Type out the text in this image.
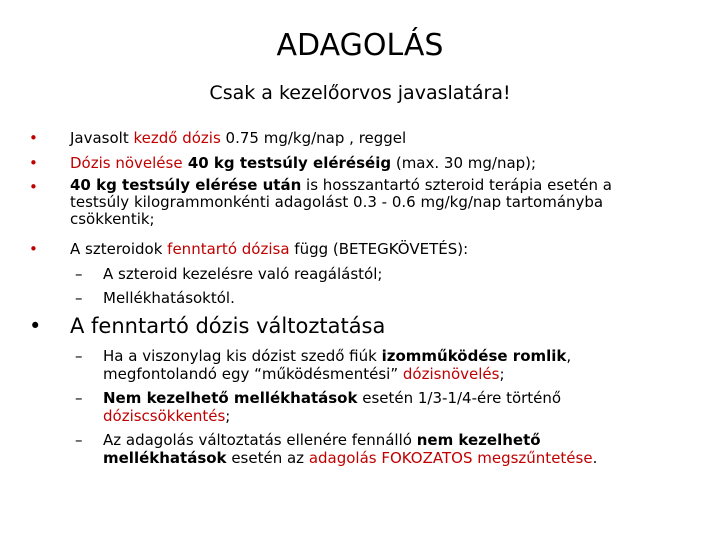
ADAGOLÁS
Csak a kezelőorvos javaslatára!
•	Javasolt kezdő dózis 0.75 mg/kg/nap , reggel
•	Dózis növelése 40 kg testsúly eléréséig (max. 30 mg/nap);
•	40 kg testsúly elérése után is hosszantartó szteroid terápia esetén a
testsúly kilogrammonkénti adagolást 0.3 - 0.6 mg/kg/nap tartományba
csökkentik;
•	A szteroidok fenntartó dózisa függ (BETEGKÖVETÉS):
– A szteroid kezelésre való reagálástól;
– Mellékhatásoktól.
• A fenntartó dózis változtatása
– Ha a viszonylag kis dózist szedő fiúk izomműködése romlik,
megfontolandó egy “működésmentési” dózisnövelés;
– Nem kezelhető mellékhatások esetén 1/3-1/4-ére történő
dóziscsökkentés;
– Az adagolás változtatás ellenére fennálló nem kezelhető
mellékhatások esetén az adagolás FOKOZATOS megszűntetése.
